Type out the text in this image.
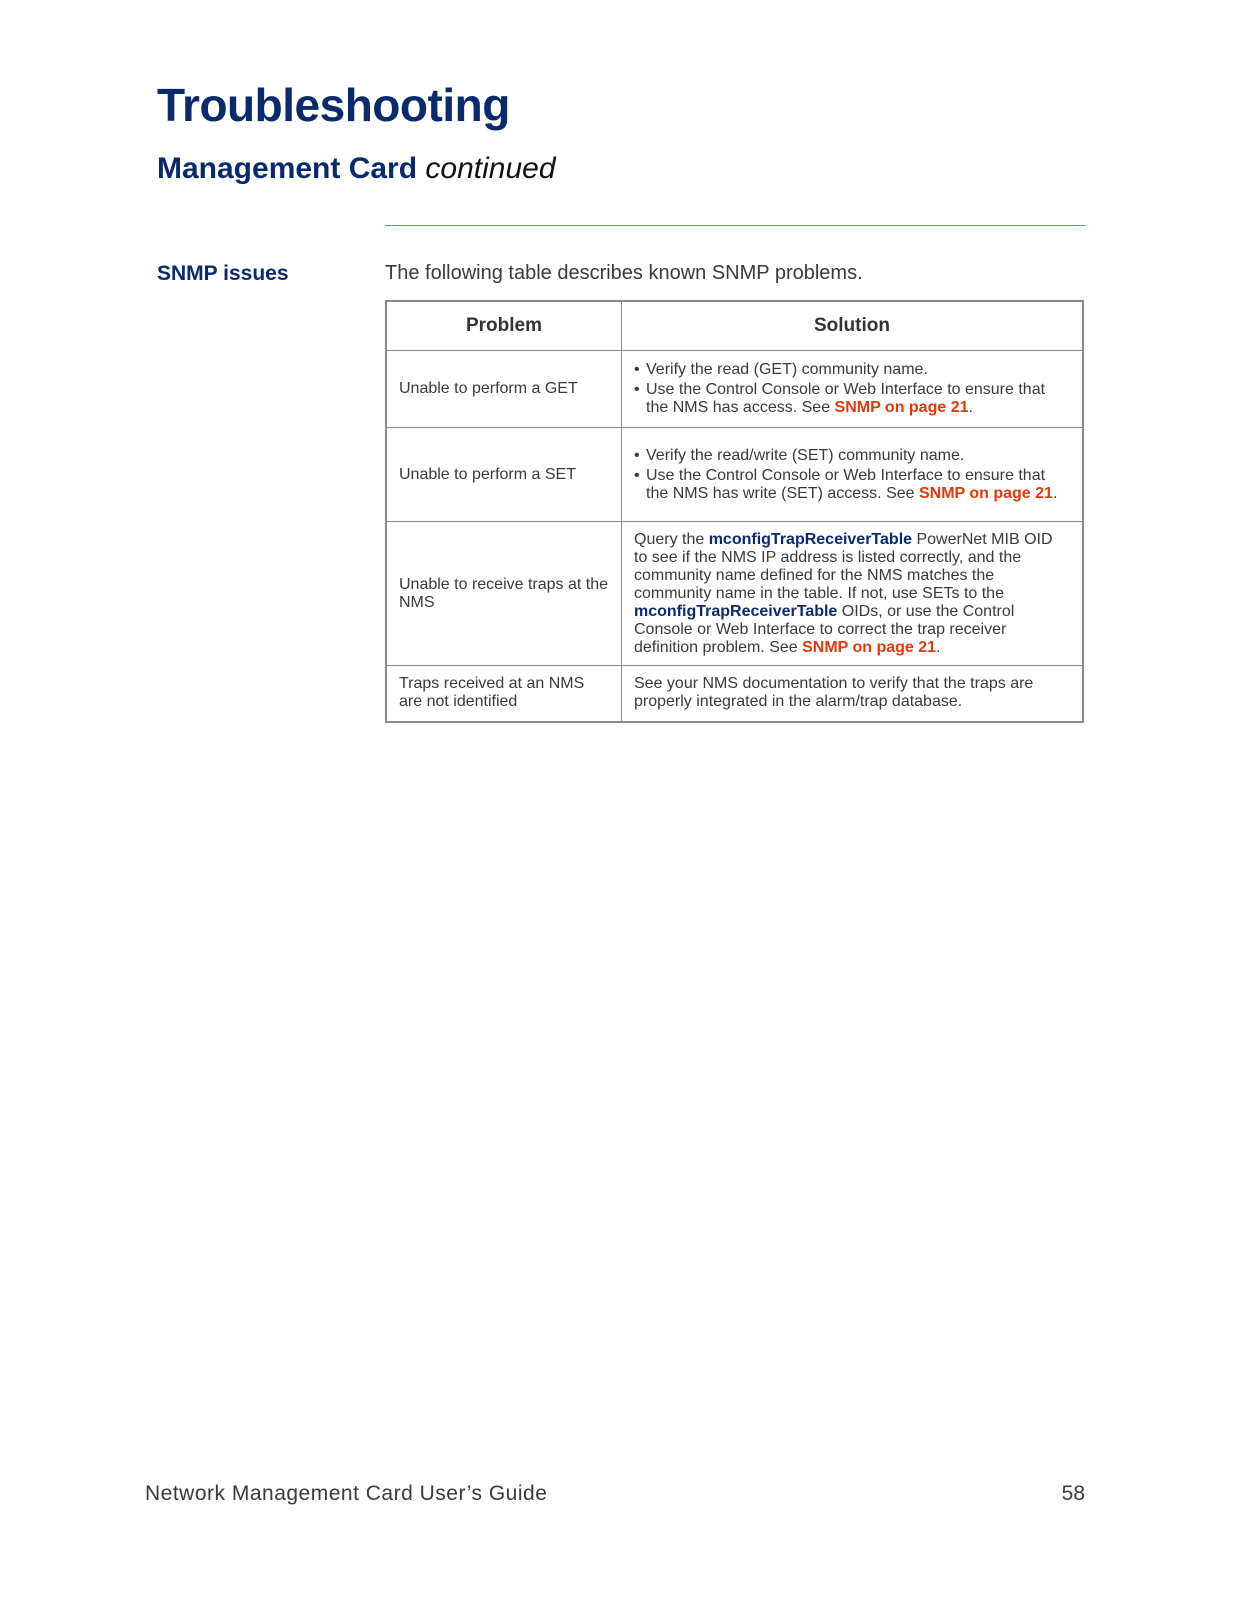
Troubleshooting
Management Card continued
SNMP issues	The following table describes known SNMP problems.
Problem	Solution
Unable to perform a GET	• Verify the read (GET) community name.
• Use the Control Console or Web Interface to ensure that the NMS has access. See SNMP on page 21.

Unable to perform a SET	• Verify the read/write (SET) community name.
• Use the Control Console or Web Interface to ensure that the NMS has write (SET) access. See SNMP on page 21.

Unable to receive traps at the NMS	Query the mconfigTrapReceiverTable PowerNet MIB OID to see if the NMS IP address is listed correctly, and the community name defined for the NMS matches the community name in the table. If not, use SETs to the mconfigTrapReceiverTable OIDs, or use the Control Console or Web Interface to correct the trap receiver definition problem. See SNMP on page 21.
Traps received at an NMS are not identified	See your NMS documentation to verify that the traps are properly integrated in the alarm/trap database.
Network Management Card User’s Guide	58
